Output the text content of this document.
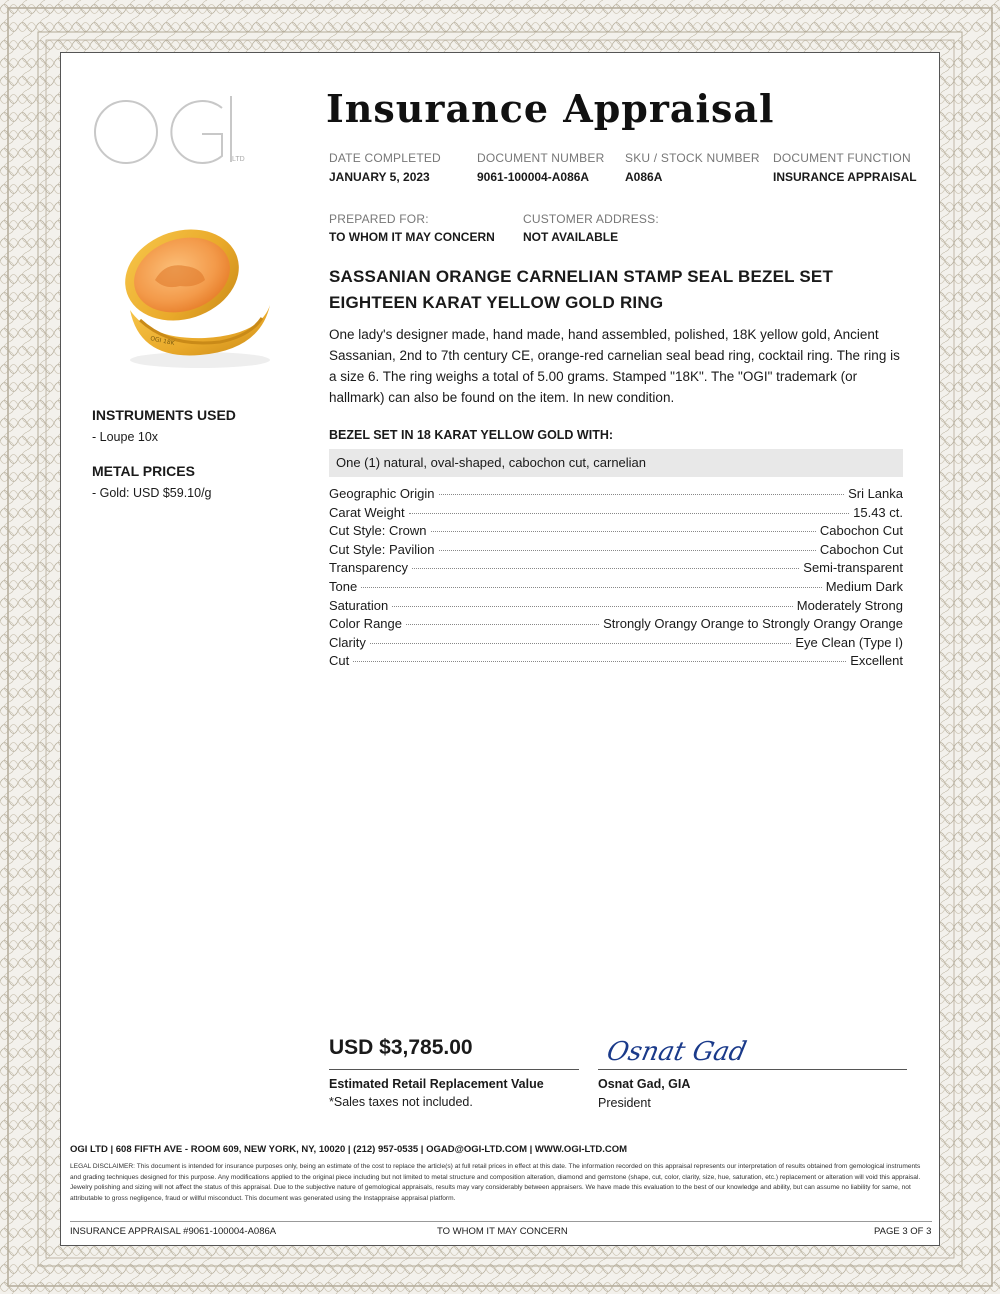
LTD
Insurance Appraisal
DATE COMPLETED
JANUARY 5, 2023
DOCUMENT NUMBER
9061-100004-A086A
SKU / STOCK NUMBER
A086A
DOCUMENT FUNCTION
INSURANCE APPRAISAL
PREPARED FOR:
TO WHOM IT MAY CONCERN
CUSTOMER ADDRESS:
NOT AVAILABLE
OGI 18K
INSTRUMENTS USED
- Loupe 10x
METAL PRICES
- Gold: USD $59.10/g
SASSANIAN ORANGE CARNELIAN STAMP SEAL BEZEL SET EIGHTEEN KARAT YELLOW GOLD RING
One lady's designer made, hand made, hand assembled, polished, 18K yellow gold, Ancient Sassanian, 2nd to 7th century CE, orange-red carnelian seal bead ring, cocktail ring. The ring is a size 6. The ring weighs a total of 5.00 grams. Stamped "18K". The "OGI" trademark (or hallmark) can also be found on the item. In new condition.
BEZEL SET IN 18 KARAT YELLOW GOLD WITH:
One (1) natural, oval-shaped, cabochon cut, carnelian
Geographic Origin	Sri Lanka
Carat Weight	15.43 ct.
Cut Style: Crown	Cabochon Cut
Cut Style: Pavilion	Cabochon Cut
Transparency	Semi-transparent
Tone	Medium Dark
Saturation	Moderately Strong
Color Range	Strongly Orangy Orange to Strongly Orangy Orange
Clarity	Eye Clean (Type I)
Cut	Excellent
USD $3,785.00
Estimated Retail Replacement Value
*Sales taxes not included.
Osnat Gad
Osnat Gad, GIA
President
OGI LTD | 608 FIFTH AVE - ROOM 609, NEW YORK, NY, 10020 | (212) 957-0535 | OGAD@OGI-LTD.COM | WWW.OGI-LTD.COM
LEGAL DISCLAIMER: This document is intended for insurance purposes only, being an estimate of the cost to replace the article(s) at full retail prices in effect at this date. The information recorded on this appraisal represents our interpretation of results obtained from gemological instruments and grading techniques designed for this purpose. Any modifications applied to the original piece including but not limited to metal structure and composition alteration, diamond and gemstone (shape, cut, color, clarity, size, hue, saturation, etc.) replacement or alteration will void this appraisal. Jewelry polishing and sizing will not affect the status of this appraisal. Due to the subjective nature of gemological appraisals, results may vary considerably between appraisers. We have made this evaluation to the best of our knowledge and ability, but can assume no liability for same, not attributable to gross negligence, fraud or willful misconduct. This document was generated using the Instappraise appraisal platform.
INSURANCE APPRAISAL #9061-100004-A086A	TO WHOM IT MAY CONCERN	PAGE 3 OF 3
